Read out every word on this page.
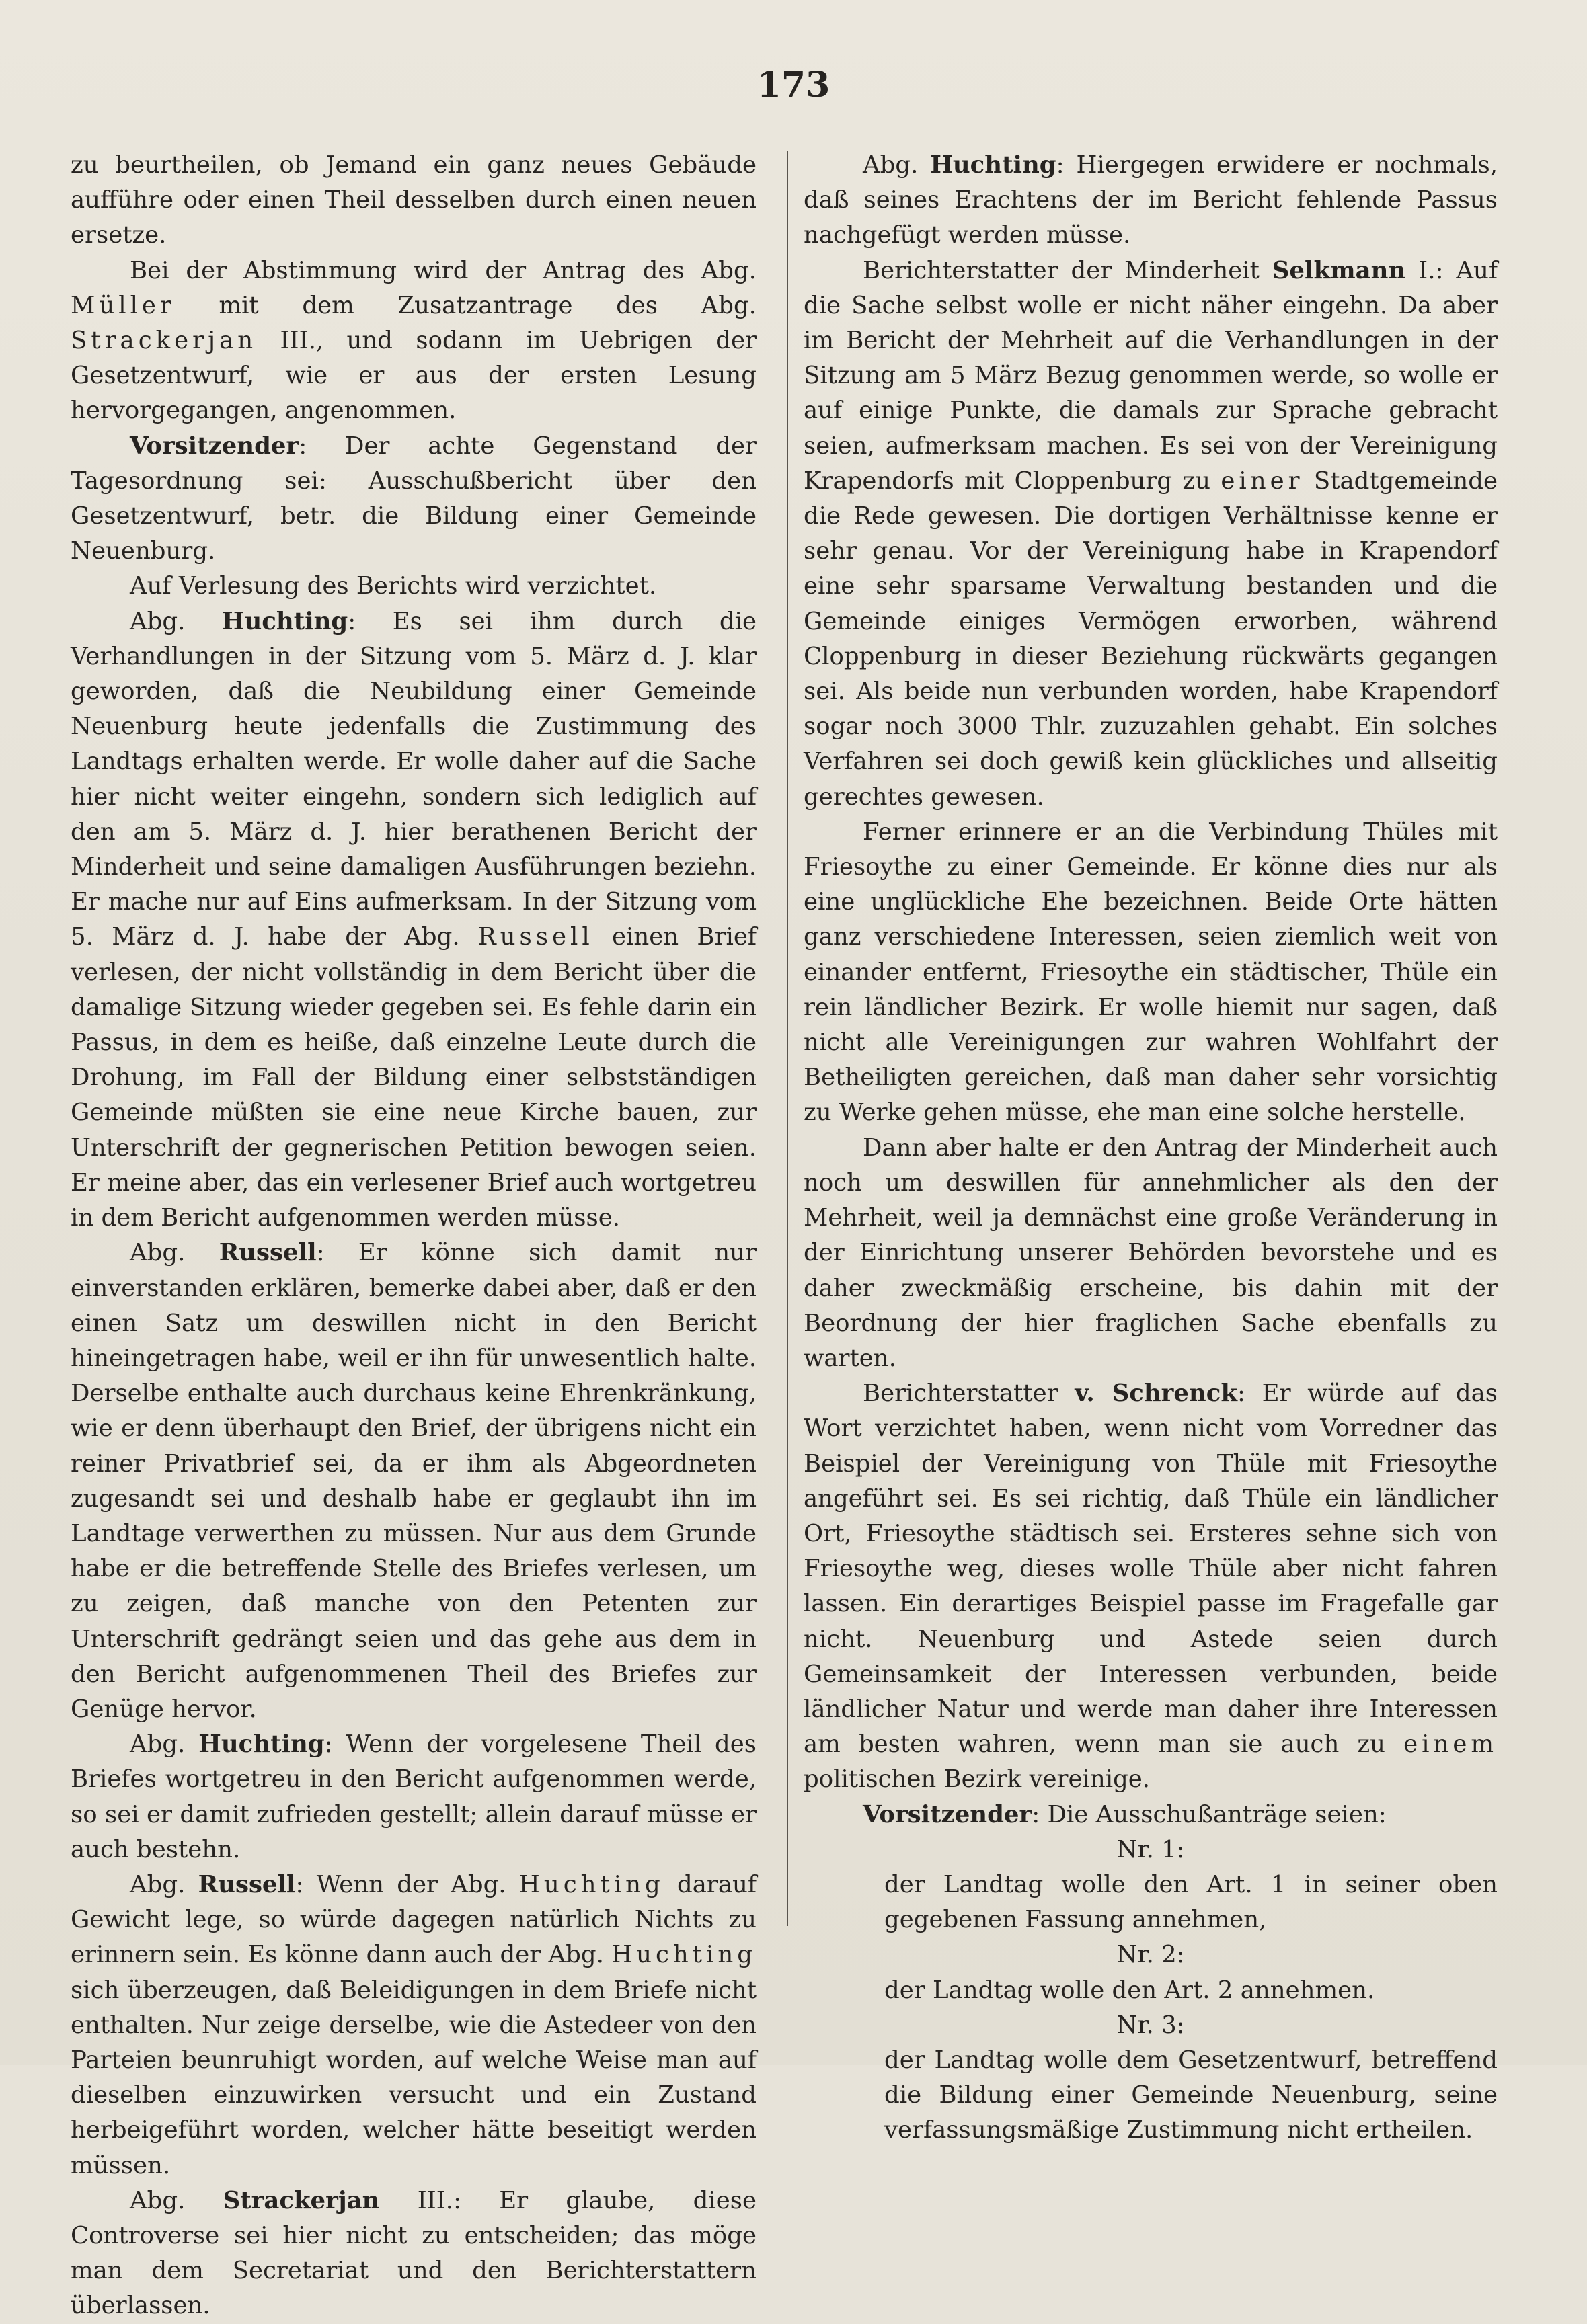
173

zu beurtheilen, ob Jemand ein ganz neues Gebäude aufführe oder einen Theil desselben durch einen neuen ersetze.

Bei der Abstimmung wird der Antrag des Abg. Müller mit dem Zusatzantrage des Abg. Strackerjan III., und sodann im Uebrigen der Gesetzentwurf, wie er aus der ersten Lesung hervorgegangen, angenommen.

Vorsitzender: Der achte Gegenstand der Tagesordnung sei: Ausschußbericht über den Gesetzentwurf, betr. die Bildung einer Gemeinde Neuenburg.

Auf Verlesung des Berichts wird verzichtet.

Abg. Huchting: Es sei ihm durch die Verhandlungen in der Sitzung vom 5. März d. J. klar geworden, daß die Neubildung einer Gemeinde Neuenburg heute jedenfalls die Zustimmung des Landtags erhalten werde. Er wolle daher auf die Sache hier nicht weiter eingehn, sondern sich lediglich auf den am 5. März d. J. hier berathenen Bericht der Minderheit und seine damaligen Ausführungen beziehn. Er mache nur auf Eins aufmerksam. In der Sitzung vom 5. März d. J. habe der Abg. Russell einen Brief verlesen, der nicht vollständig in dem Bericht über die damalige Sitzung wieder gegeben sei. Es fehle darin ein Passus, in dem es heiße, daß einzelne Leute durch die Drohung, im Fall der Bildung einer selbstständigen Gemeinde müßten sie eine neue Kirche bauen, zur Unterschrift der gegnerischen Petition bewogen seien. Er meine aber, das ein verlesener Brief auch wortgetreu in dem Bericht aufgenommen werden müsse.

Abg. Russell: Er könne sich damit nur einverstanden erklären, bemerke dabei aber, daß er den einen Satz um deswillen nicht in den Bericht hineingetragen habe, weil er ihn für unwesentlich halte. Derselbe enthalte auch durchaus keine Ehrenkränkung, wie er denn überhaupt den Brief, der übrigens nicht ein reiner Privatbrief sei, da er ihm als Abgeordneten zugesandt sei und deshalb habe er geglaubt ihn im Landtage verwerthen zu müssen. Nur aus dem Grunde habe er die betreffende Stelle des Briefes verlesen, um zu zeigen, daß manche von den Petenten zur Unterschrift gedrängt seien und das gehe aus dem in den Bericht aufgenommenen Theil des Briefes zur Genüge hervor.

Abg. Huchting: Wenn der vorgelesene Theil des Briefes wortgetreu in den Bericht aufgenommen werde, so sei er damit zufrieden gestellt; allein darauf müsse er auch bestehn.

Abg. Russell: Wenn der Abg. Huchting darauf Gewicht lege, so würde dagegen natürlich Nichts zu erinnern sein. Es könne dann auch der Abg. Huchting sich überzeugen, daß Beleidigungen in dem Briefe nicht enthalten. Nur zeige derselbe, wie die Astedeer von den Parteien beunruhigt worden, auf welche Weise man auf dieselben einzuwirken versucht und ein Zustand herbeigeführt worden, welcher hätte beseitigt werden müssen.

Abg. Strackerjan III.: Er glaube, diese Controverse sei hier nicht zu entscheiden; das möge man dem Secretariat und den Berichterstattern überlassen.

Abg. Huchting: Hiergegen erwidere er nochmals, daß seines Erachtens der im Bericht fehlende Passus nachgefügt werden müsse.

Berichterstatter der Minderheit Selkmann I.: Auf die Sache selbst wolle er nicht näher eingehn. Da aber im Bericht der Mehrheit auf die Verhandlungen in der Sitzung am 5 März Bezug genommen werde, so wolle er auf einige Punkte, die damals zur Sprache gebracht seien, aufmerksam machen. Es sei von der Vereinigung Krapendorfs mit Cloppenburg zu einer Stadtgemeinde die Rede gewesen. Die dortigen Verhältnisse kenne er sehr genau. Vor der Vereinigung habe in Krapendorf eine sehr sparsame Verwaltung bestanden und die Gemeinde einiges Vermögen erworben, während Cloppenburg in dieser Beziehung rückwärts gegangen sei. Als beide nun verbunden worden, habe Krapendorf sogar noch 3000 Thlr. zuzuzahlen gehabt. Ein solches Verfahren sei doch gewiß kein glückliches und allseitig gerechtes gewesen.

Ferner erinnere er an die Verbindung Thüles mit Friesoythe zu einer Gemeinde. Er könne dies nur als eine unglückliche Ehe bezeichnen. Beide Orte hätten ganz verschiedene Interessen, seien ziemlich weit von einander entfernt, Friesoythe ein städtischer, Thüle ein rein ländlicher Bezirk. Er wolle hiemit nur sagen, daß nicht alle Vereinigungen zur wahren Wohlfahrt der Betheiligten gereichen, daß man daher sehr vorsichtig zu Werke gehen müsse, ehe man eine solche herstelle.

Dann aber halte er den Antrag der Minderheit auch noch um deswillen für annehmlicher als den der Mehrheit, weil ja demnächst eine große Veränderung in der Einrichtung unserer Behörden bevorstehe und es daher zweckmäßig erscheine, bis dahin mit der Beordnung der hier fraglichen Sache ebenfalls zu warten.

Berichterstatter v. Schrenck: Er würde auf das Wort verzichtet haben, wenn nicht vom Vorredner das Beispiel der Vereinigung von Thüle mit Friesoythe angeführt sei. Es sei richtig, daß Thüle ein ländlicher Ort, Friesoythe städtisch sei. Ersteres sehne sich von Friesoythe weg, dieses wolle Thüle aber nicht fahren lassen. Ein derartiges Beispiel passe im Fragefalle gar nicht. Neuenburg und Astede seien durch Gemeinsamkeit der Interessen verbunden, beide ländlicher Natur und werde man daher ihre Interessen am besten wahren, wenn man sie auch zu einem politischen Bezirk vereinige.

Vorsitzender: Die Ausschußanträge seien:

Nr. 1:

der Landtag wolle den Art. 1 in seiner oben gegebenen Fassung annehmen,

Nr. 2:

der Landtag wolle den Art. 2 annehmen.

Nr. 3:

der Landtag wolle dem Gesetzentwurf, betreffend die Bildung einer Gemeinde Neuenburg, seine verfassungsmäßige Zustimmung nicht ertheilen.
